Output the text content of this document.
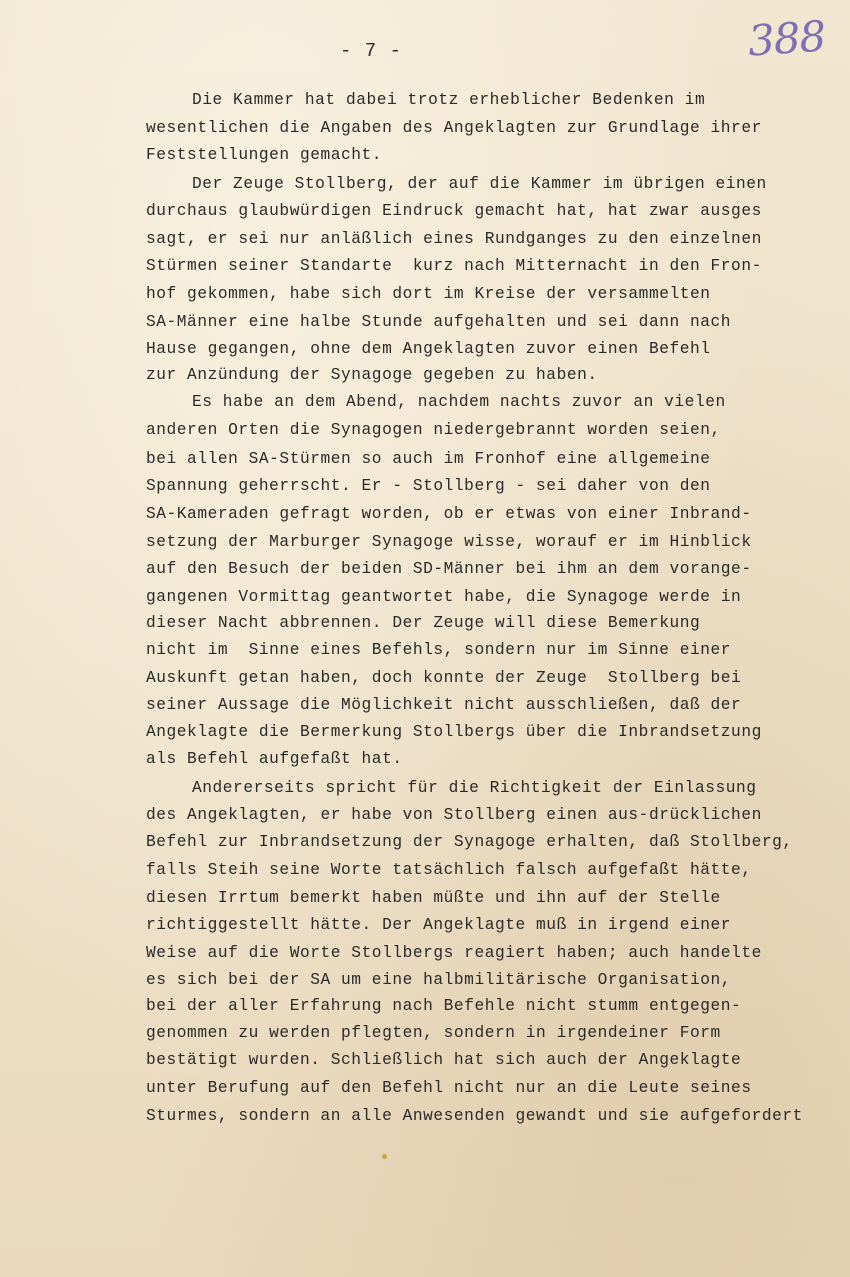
- 7 -	388
Die Kammer hat dabei trotz erheblicher Bedenken im
wesentlichen die Angaben des Angeklagten zur Grundlage ihrer
Feststellungen gemacht.
Der Zeuge Stollberg, der auf die Kammer im übrigen einen
durchaus glaubwürdigen Eindruck gemacht hat, hat zwar ausges
sagt, er sei nur anläßlich eines Rundganges zu den einzelnen
Stürmen seiner Standarte  kurz nach Mitternacht in den Fron-
hof gekommen, habe sich dort im Kreise der versammelten
SA-Männer eine halbe Stunde aufgehalten und sei dann nach
Hause gegangen, ohne dem Angeklagten zuvor einen Befehl
zur Anzündung der Synagoge gegeben zu haben.
Es habe an dem Abend, nachdem nachts zuvor an vielen
anderen Orten die Synagogen niedergebrannt worden seien,
bei allen SA-Stürmen so auch im Fronhof eine allgemeine
Spannung geherrscht. Er - Stollberg - sei daher von den
SA-Kameraden gefragt worden, ob er etwas von einer Inbrand-
setzung der Marburger Synagoge wisse, worauf er im Hinblick
auf den Besuch der beiden SD-Männer bei ihm an dem vorange-
gangenen Vormittag geantwortet habe, die Synagoge werde in
dieser Nacht abbrennen. Der Zeuge will diese Bemerkung
nicht im  Sinne eines Befehls, sondern nur im Sinne einer
Auskunft getan haben, doch konnte der Zeuge  Stollberg bei
seiner Aussage die Möglichkeit nicht ausschließen, daß der
Angeklagte die Bermerkung Stollbergs über die Inbrandsetzung
als Befehl aufgefaßt hat.
Andererseits spricht für die Richtigkeit der Einlassung
des Angeklagten, er habe von Stollberg einen aus-drücklichen
Befehl zur Inbrandsetzung der Synagoge erhalten, daß Stollberg,
falls Steih seine Worte tatsächlich falsch aufgefaßt hätte,
diesen Irrtum bemerkt haben müßte und ihn auf der Stelle
richtiggestellt hätte. Der Angeklagte muß in irgend einer
Weise auf die Worte Stollbergs reagiert haben; auch handelte
es sich bei der SA um eine halbmilitärische Organisation,
bei der aller Erfahrung nach Befehle nicht stumm entgegen-
genommen zu werden pflegten, sondern in irgendeiner Form
bestätigt wurden. Schließlich hat sich auch der Angeklagte
unter Berufung auf den Befehl nicht nur an die Leute seines
Sturmes, sondern an alle Anwesenden gewandt und sie aufgefordert
